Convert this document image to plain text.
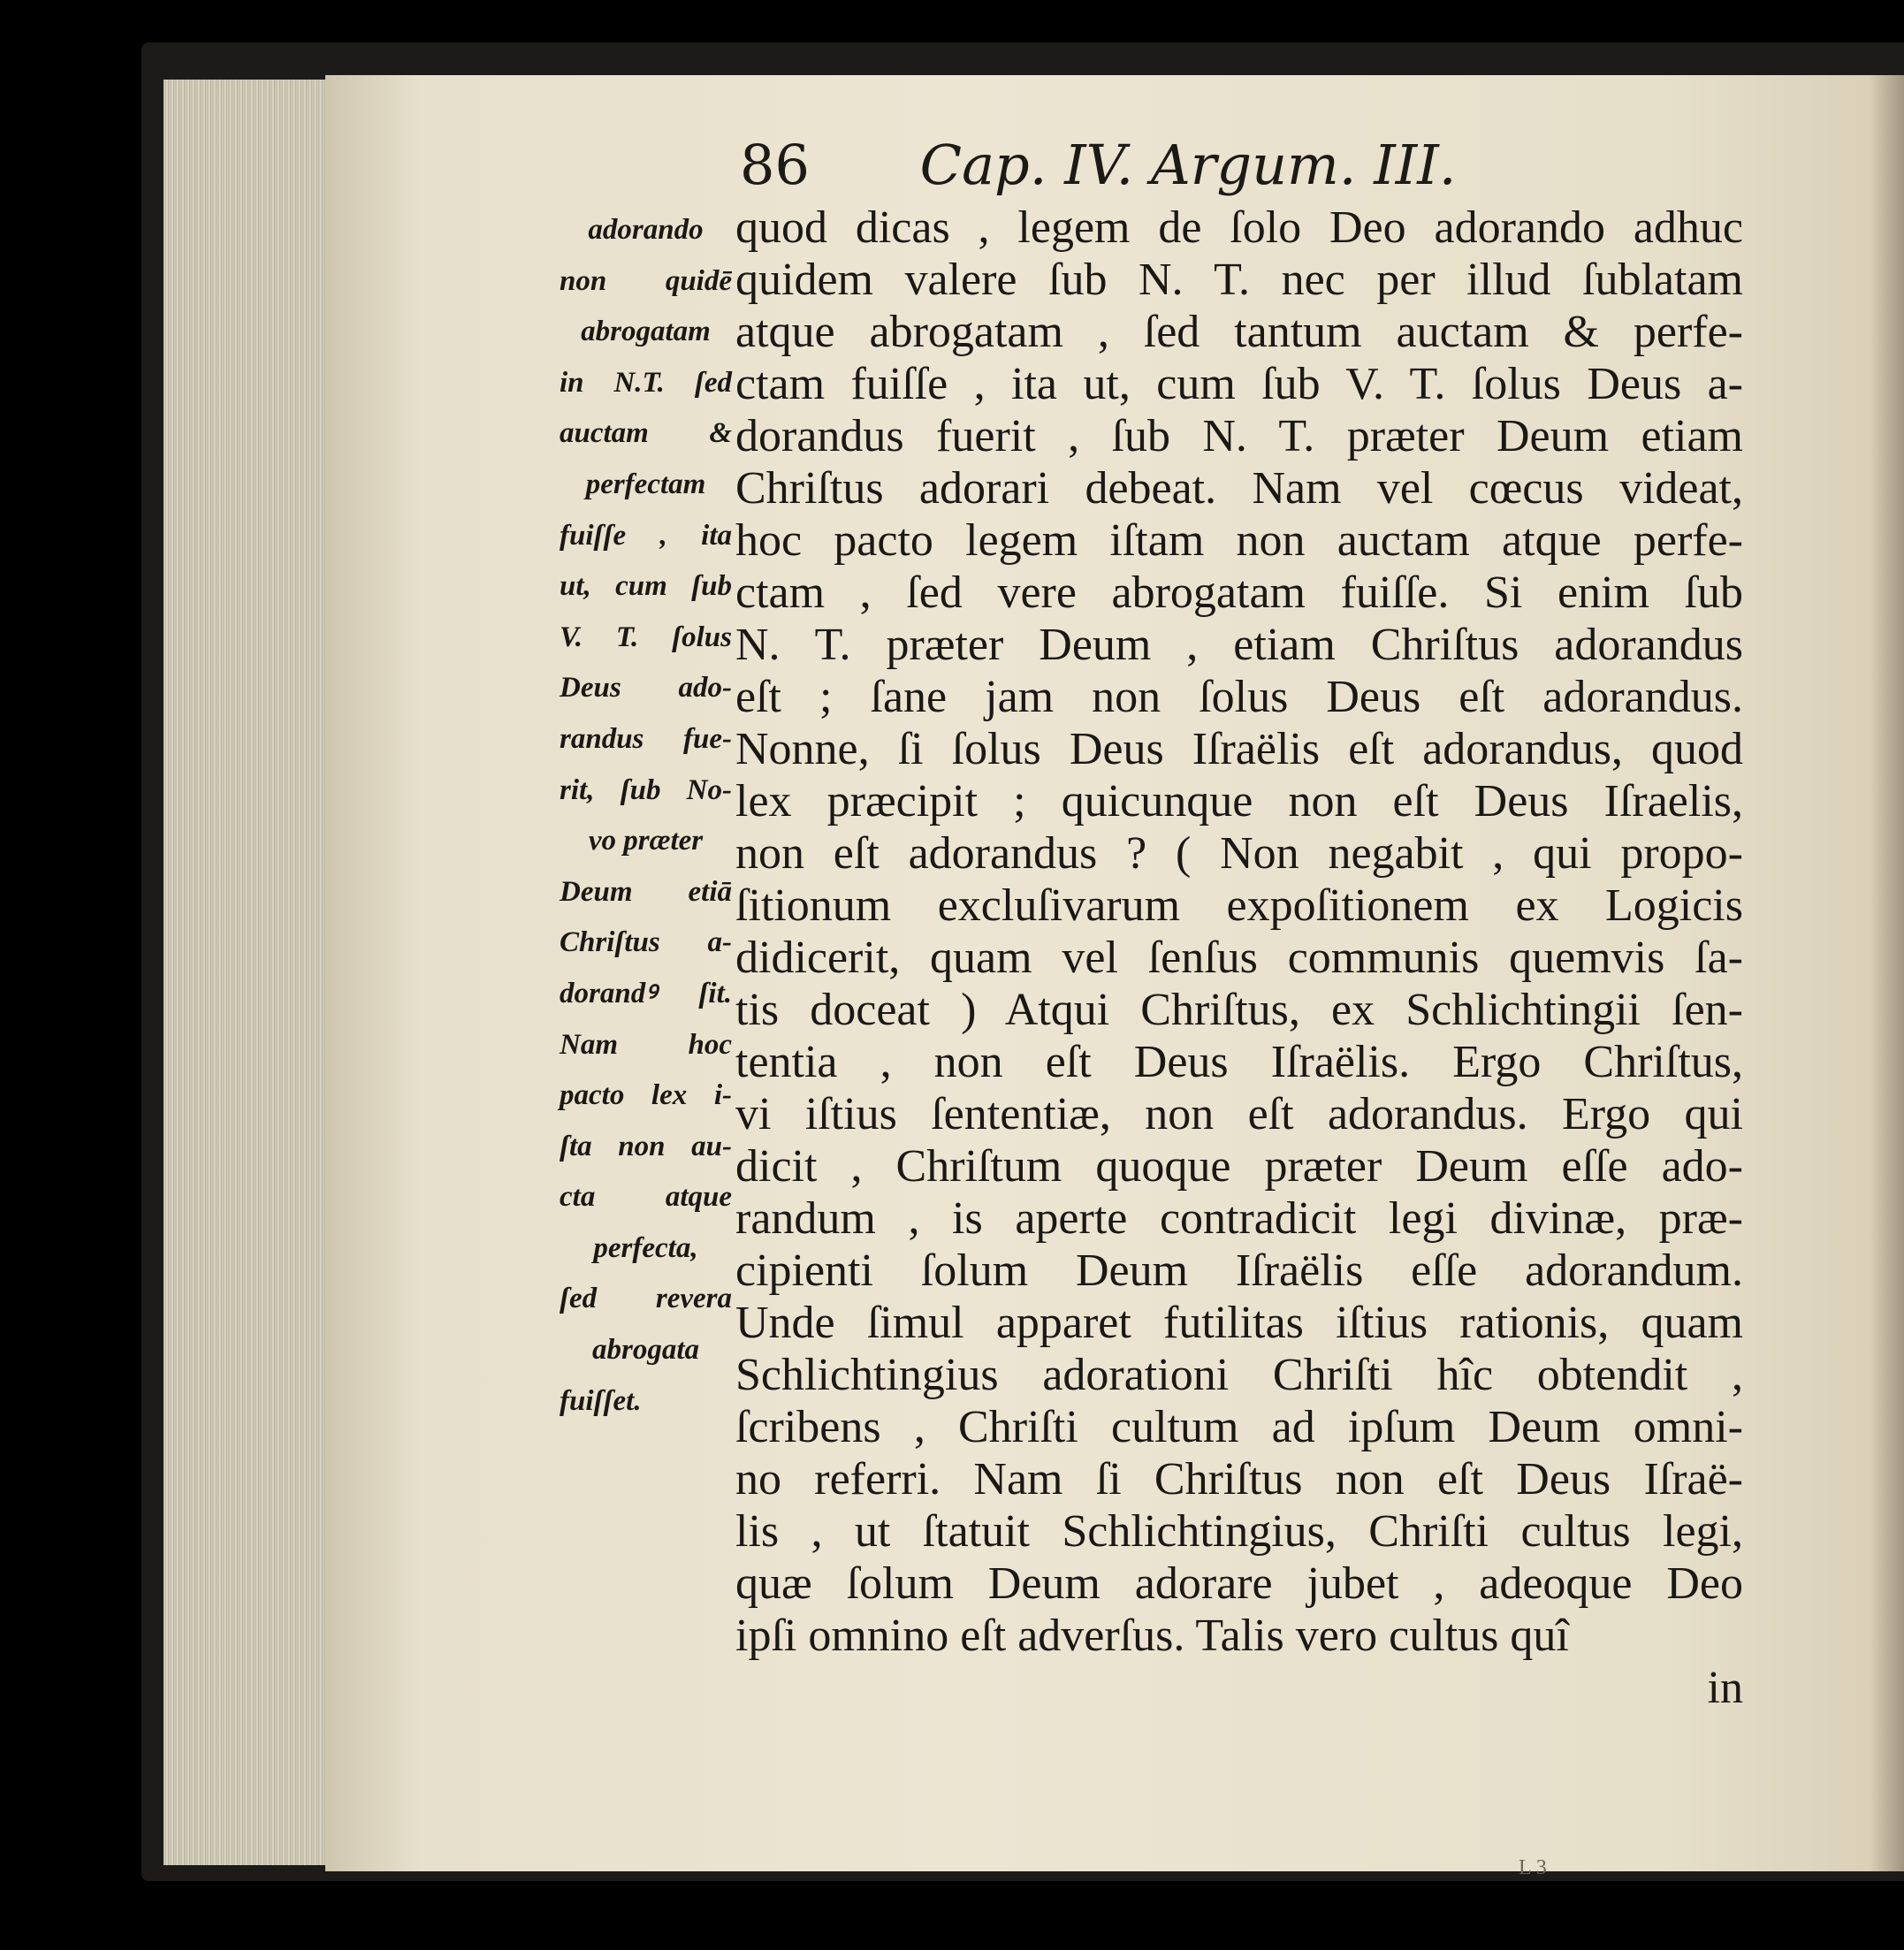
86 Cap. IV. Argum. III.
adorando
non quidē
abrogatam
in N.T. ſed
auctam &
perfectam
fuiſſe , ita
ut, cum ſub
V. T. ſolus
Deus ado-
randus fue-
rit, ſub No-
vo præter
Deum etiā
Chriſtus a-
dorandꝰ ſit.
Nam hoc
pacto lex i-
ſta non au-
cta atque
perfecta,
ſed revera
abrogata
fuiſſet.
quod dicas , legem de ſolo Deo adorando adhuc
quidem valere ſub N. T. nec per illud ſublatam
atque abrogatam , ſed tantum auctam & perfe-
ctam fuiſſe , ita ut, cum ſub V. T. ſolus Deus a-
dorandus fuerit , ſub N. T. præter Deum etiam
Chriſtus adorari debeat. Nam vel cœcus videat,
hoc pacto legem iſtam non auctam atque perfe-
ctam , ſed vere abrogatam fuiſſe. Si enim ſub
N. T. præter Deum , etiam Chriſtus adorandus
eſt ; ſane jam non ſolus Deus eſt adorandus.
Nonne, ſi ſolus Deus Iſraëlis eſt adorandus, quod
lex præcipit ; quicunque non eſt Deus Iſraelis,
non eſt adorandus ? ( Non negabit , qui propo-
ſitionum excluſivarum expoſitionem ex Logicis
didicerit, quam vel ſenſus communis quemvis ſa-
tis doceat ) Atqui Chriſtus, ex Schlichtingii ſen-
tentia , non eſt Deus Iſraëlis. Ergo Chriſtus,
vi iſtius ſententiæ, non eſt adorandus. Ergo qui
dicit , Chriſtum quoque præter Deum eſſe ado-
randum , is aperte contradicit legi divinæ, præ-
cipienti ſolum Deum Iſraëlis eſſe adorandum.
Unde ſimul apparet futilitas iſtius rationis, quam
Schlichtingius adorationi Chriſti hîc obtendit ,
ſcribens , Chriſti cultum ad ipſum Deum omni-
no referri. Nam ſi Chriſtus non eſt Deus Iſraë-
lis , ut ſtatuit Schlichtingius, Chriſti cultus legi,
quæ ſolum Deum adorare jubet , adeoque Deo
ipſi omnino eſt adverſus. Talis vero cultus quî
in
L 3
